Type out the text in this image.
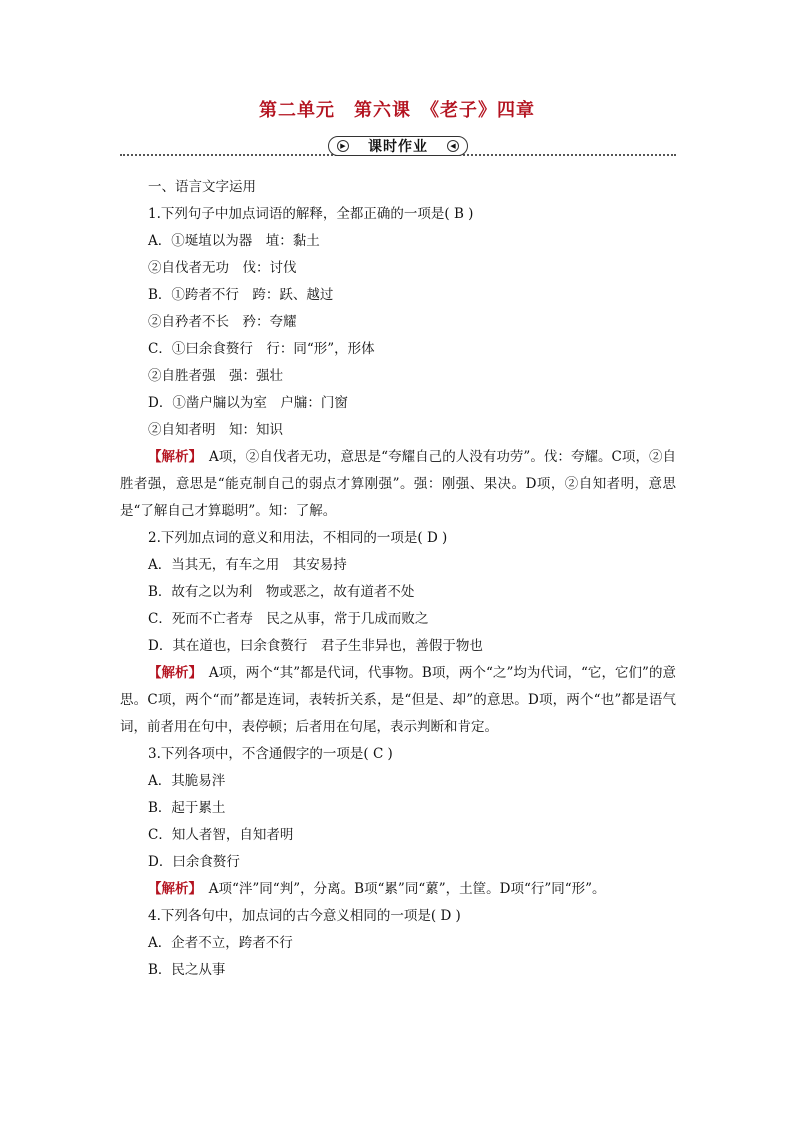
第二单元　第六课　《老子》四章
▶ 课时作业	◀
一、语言文字运用
1.下列句子中加点词语的解释，全都正确的一项是( B )
A．①埏埴以为器　埴：黏土
②自伐者无功　伐：讨伐
B．①跨者不行　跨：跃、越过
②自矜者不长　矜：夸耀
C．①曰余食赘行　行：同“形”，形体
②自胜者强　强：强壮
D．①凿户牖以为室　户牖：门窗
②自知者明　知：知识
【解析】　 A项，②自伐者无功，意思是“夸耀自己的人没有功劳”。伐：夸耀。C项，②自胜者强，意思是“能克制自己的弱点才算刚强”。强：刚强、果决。D项，②自知者明，意思是“了解自己才算聪明”。知：了解。
2.下列加点词的意义和用法，不相同的一项是( D )
A．当其无，有车之用　其安易持
B．故有之以为利　物或恶之，故有道者不处
C．死而不亡者寿　民之从事，常于几成而败之
D．其在道也，曰余食赘行　君子生非异也，善假于物也
【解析】　 A项，两个“其”都是代词，代事物。B项，两个“之”均为代词，“它，它们”的意思。C项，两个“而”都是连词，表转折关系，是“但是、却”的意思。D项，两个“也”都是语气词，前者用在句中，表停顿；后者用在句尾，表示判断和肯定。
3.下列各项中，不含通假字的一项是( C )
A．其脆易泮
B．起于累土
C．知人者智，自知者明
D．曰余食赘行
【解析】　 A项“泮”同“判”，分离。B项“累”同“蔂”，土筐。D项“行”同“形”。
4.下列各句中，加点词的古今意义相同的一项是( D )
A．企者不立，跨者不行
B．民之从事
